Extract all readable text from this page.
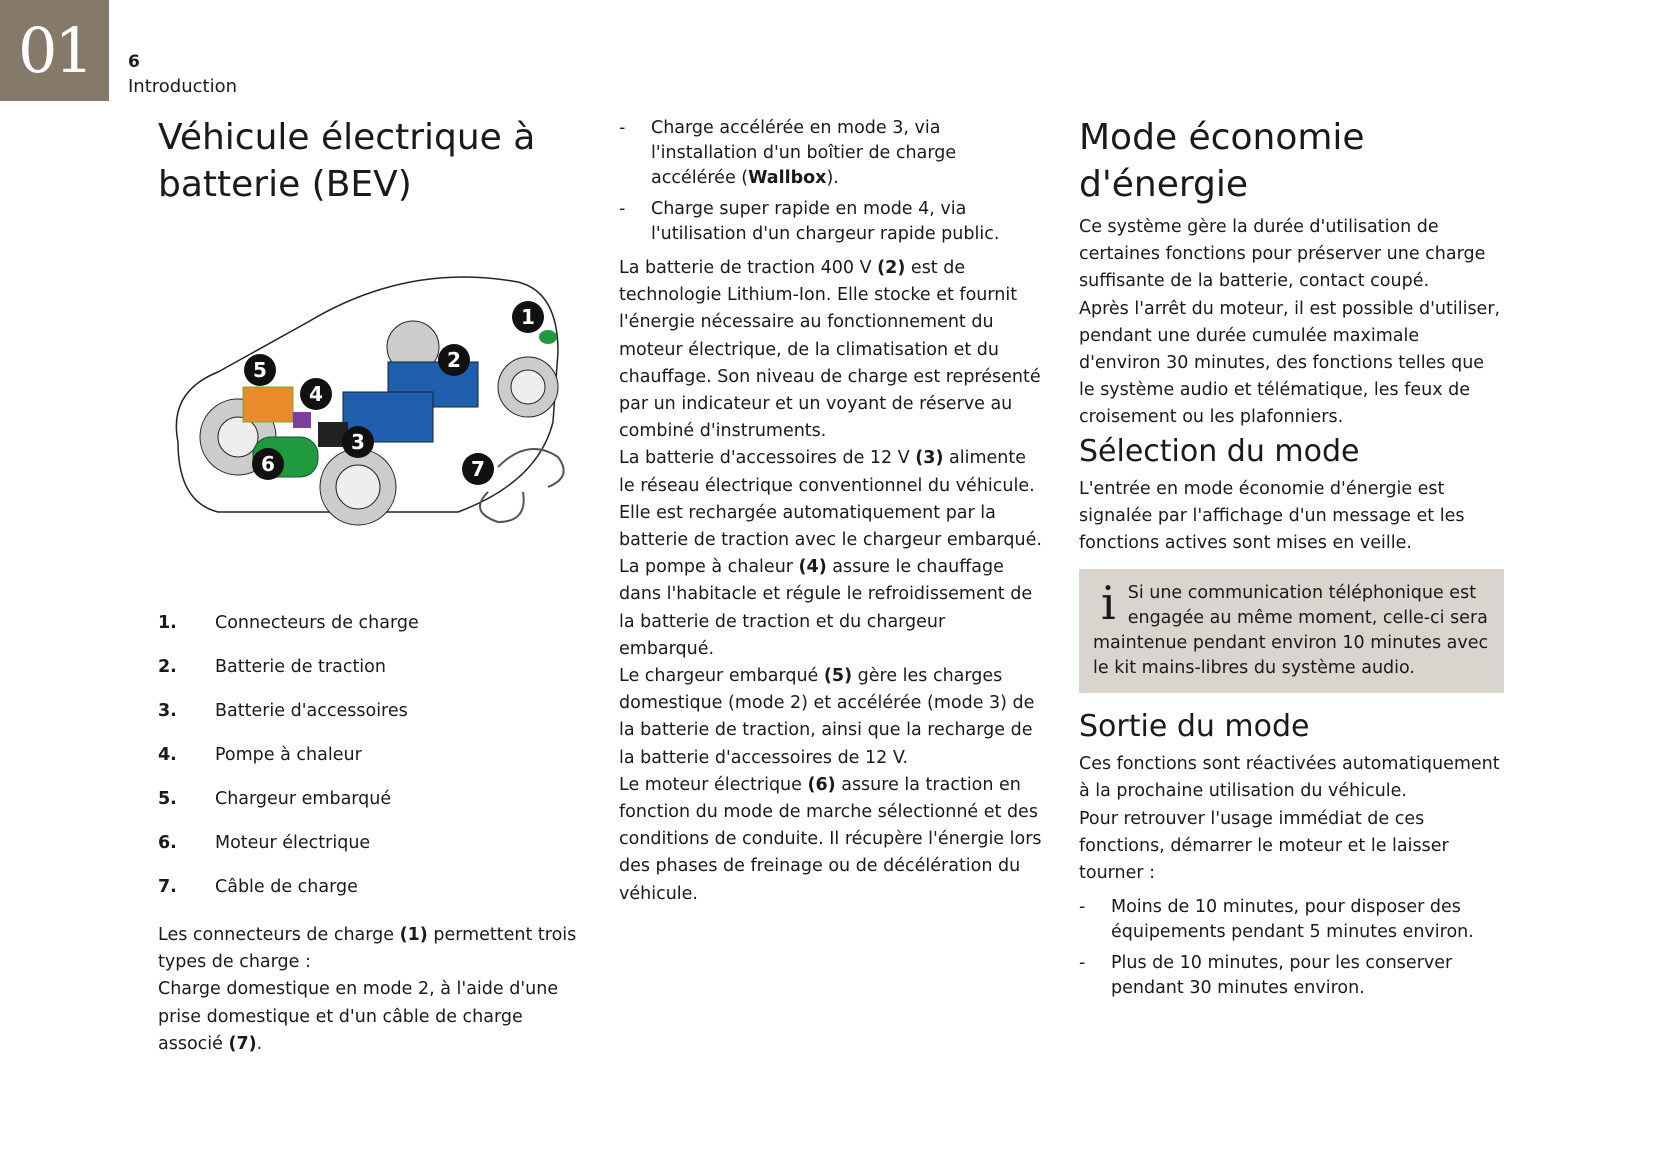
01	6
Introduction
Véhicule électrique à batterie (BEV)
1
2
3
4
5
6	7
1.	Connecteurs de charge
2.	Batterie de traction
3.	Batterie d'accessoires
4.	Pompe à chaleur
5.	Chargeur embarqué
6.	Moteur électrique
7.	Câble de charge

Les connecteurs de charge (1) permettent trois types de charge :

Charge domestique en mode 2, à l'aide d'une prise domestique et d'un câble de charge associé (7).

-	Charge accélérée en mode 3, via l'installation d'un boîtier de charge accélérée (Wallbox).
-	Charge super rapide en mode 4, via l'utilisation d'un chargeur rapide public.

La batterie de traction 400 V (2) est de technologie Lithium-Ion. Elle stocke et fournit l'énergie nécessaire au fonctionnement du moteur électrique, de la climatisation et du chauffage. Son niveau de charge est représenté par un indicateur et un voyant de réserve au combiné d'instruments.

La batterie d'accessoires de 12 V (3) alimente le réseau électrique conventionnel du véhicule. Elle est rechargée automatiquement par la batterie de traction avec le chargeur embarqué.

La pompe à chaleur (4) assure le chauffage dans l'habitacle et régule le refroidissement de la batterie de traction et du chargeur embarqué.

Le chargeur embarqué (5) gère les charges domestique (mode 2) et accélérée (mode 3) de la batterie de traction, ainsi que la recharge de la batterie d'accessoires de 12 V.

Le moteur électrique (6) assure la traction en fonction du mode de marche sélectionné et des conditions de conduite. Il récupère l'énergie lors des phases de freinage ou de décélération du véhicule.

Mode économie d'énergie

Ce système gère la durée d'utilisation de certaines fonctions pour préserver une charge suffisante de la batterie, contact coupé.

Après l'arrêt du moteur, il est possible d'utiliser, pendant une durée cumulée maximale d'environ 30 minutes, des fonctions telles que le système audio et télématique, les feux de croisement ou les plafonniers.

Sélection du mode

L'entrée en mode économie d'énergie est signalée par l'affichage d'un message et les fonctions actives sont mises en veille.

i Si une communication téléphonique est engagée au même moment, celle-ci sera maintenue pendant environ 10 minutes avec le kit mains-libres du système audio.
Sortie du mode

Ces fonctions sont réactivées automatiquement à la prochaine utilisation du véhicule.

Pour retrouver l'usage immédiat de ces fonctions, démarrer le moteur et le laisser tourner :

-	Moins de 10 minutes, pour disposer des équipements pendant 5 minutes environ.
-	Plus de 10 minutes, pour les conserver pendant 30 minutes environ.
